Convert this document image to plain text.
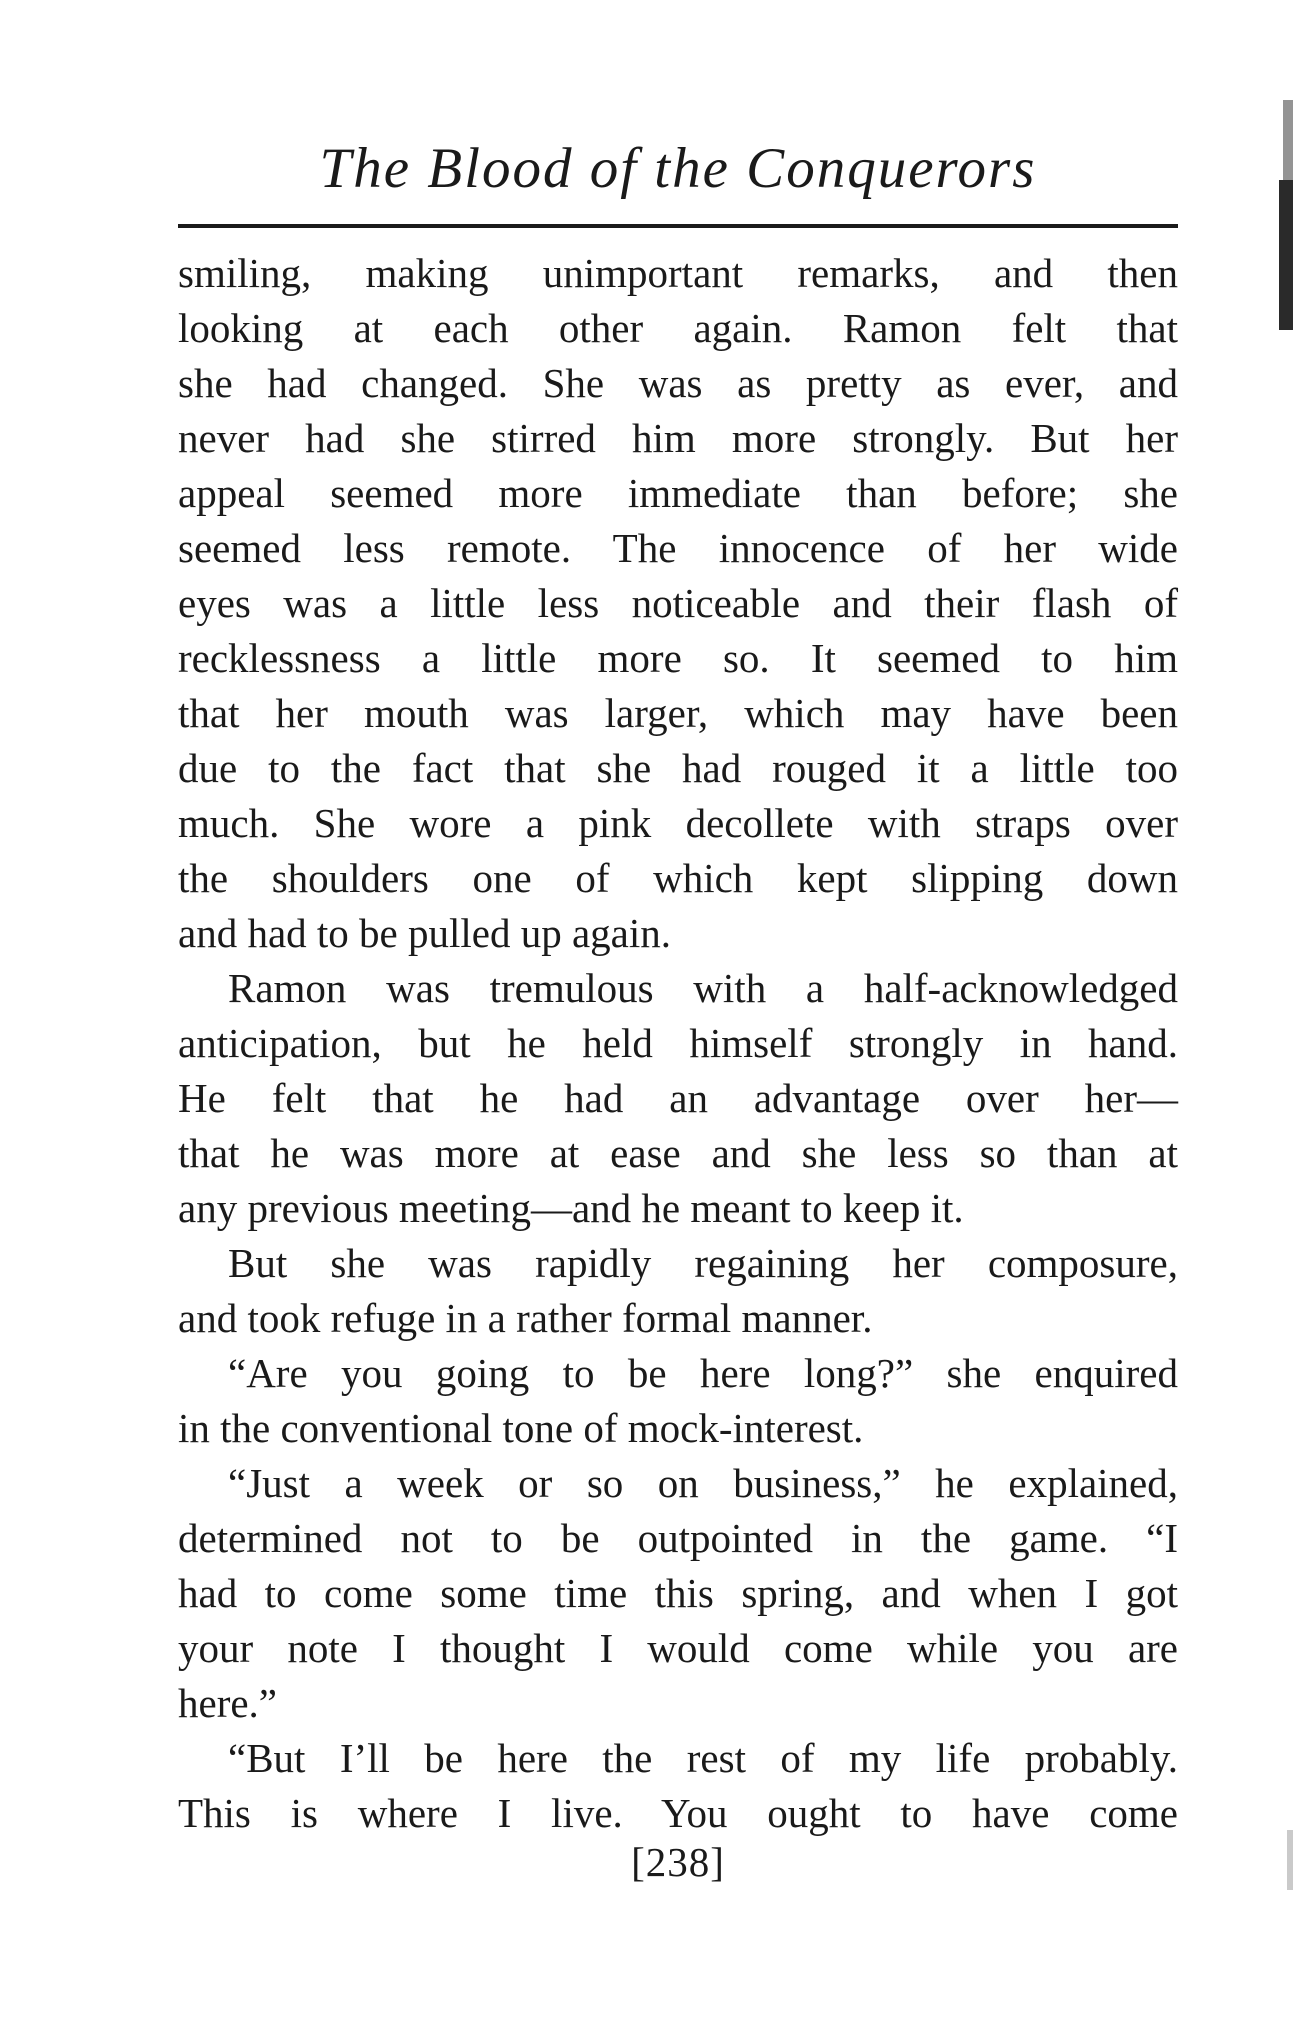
The Blood of the Conquerors
smiling, making unimportant remarks, and then
looking at each other again. Ramon felt that
she had changed. She was as pretty as ever, and
never had she stirred him more strongly. But her
appeal seemed more immediate than before; she
seemed less remote. The innocence of her wide
eyes was a little less noticeable and their flash of
recklessness a little more so. It seemed to him
that her mouth was larger, which may have been
due to the fact that she had rouged it a little too
much. She wore a pink decollete with straps over
the shoulders one of which kept slipping down
and had to be pulled up again.
Ramon was tremulous with a half-acknowledged
anticipation, but he held himself strongly in hand.
He felt that he had an advantage over her—
that he was more at ease and she less so than at
any previous meeting—and he meant to keep it.
But she was rapidly regaining her composure,
and took refuge in a rather formal manner.
“Are you going to be here long?” she enquired
in the conventional tone of mock-interest.
“Just a week or so on business,” he explained,
determined not to be outpointed in the game. “I
had to come some time this spring, and when I got
your note I thought I would come while you are
here.”
“But I’ll be here the rest of my life probably.
This is where I live. You ought to have come
[238]
